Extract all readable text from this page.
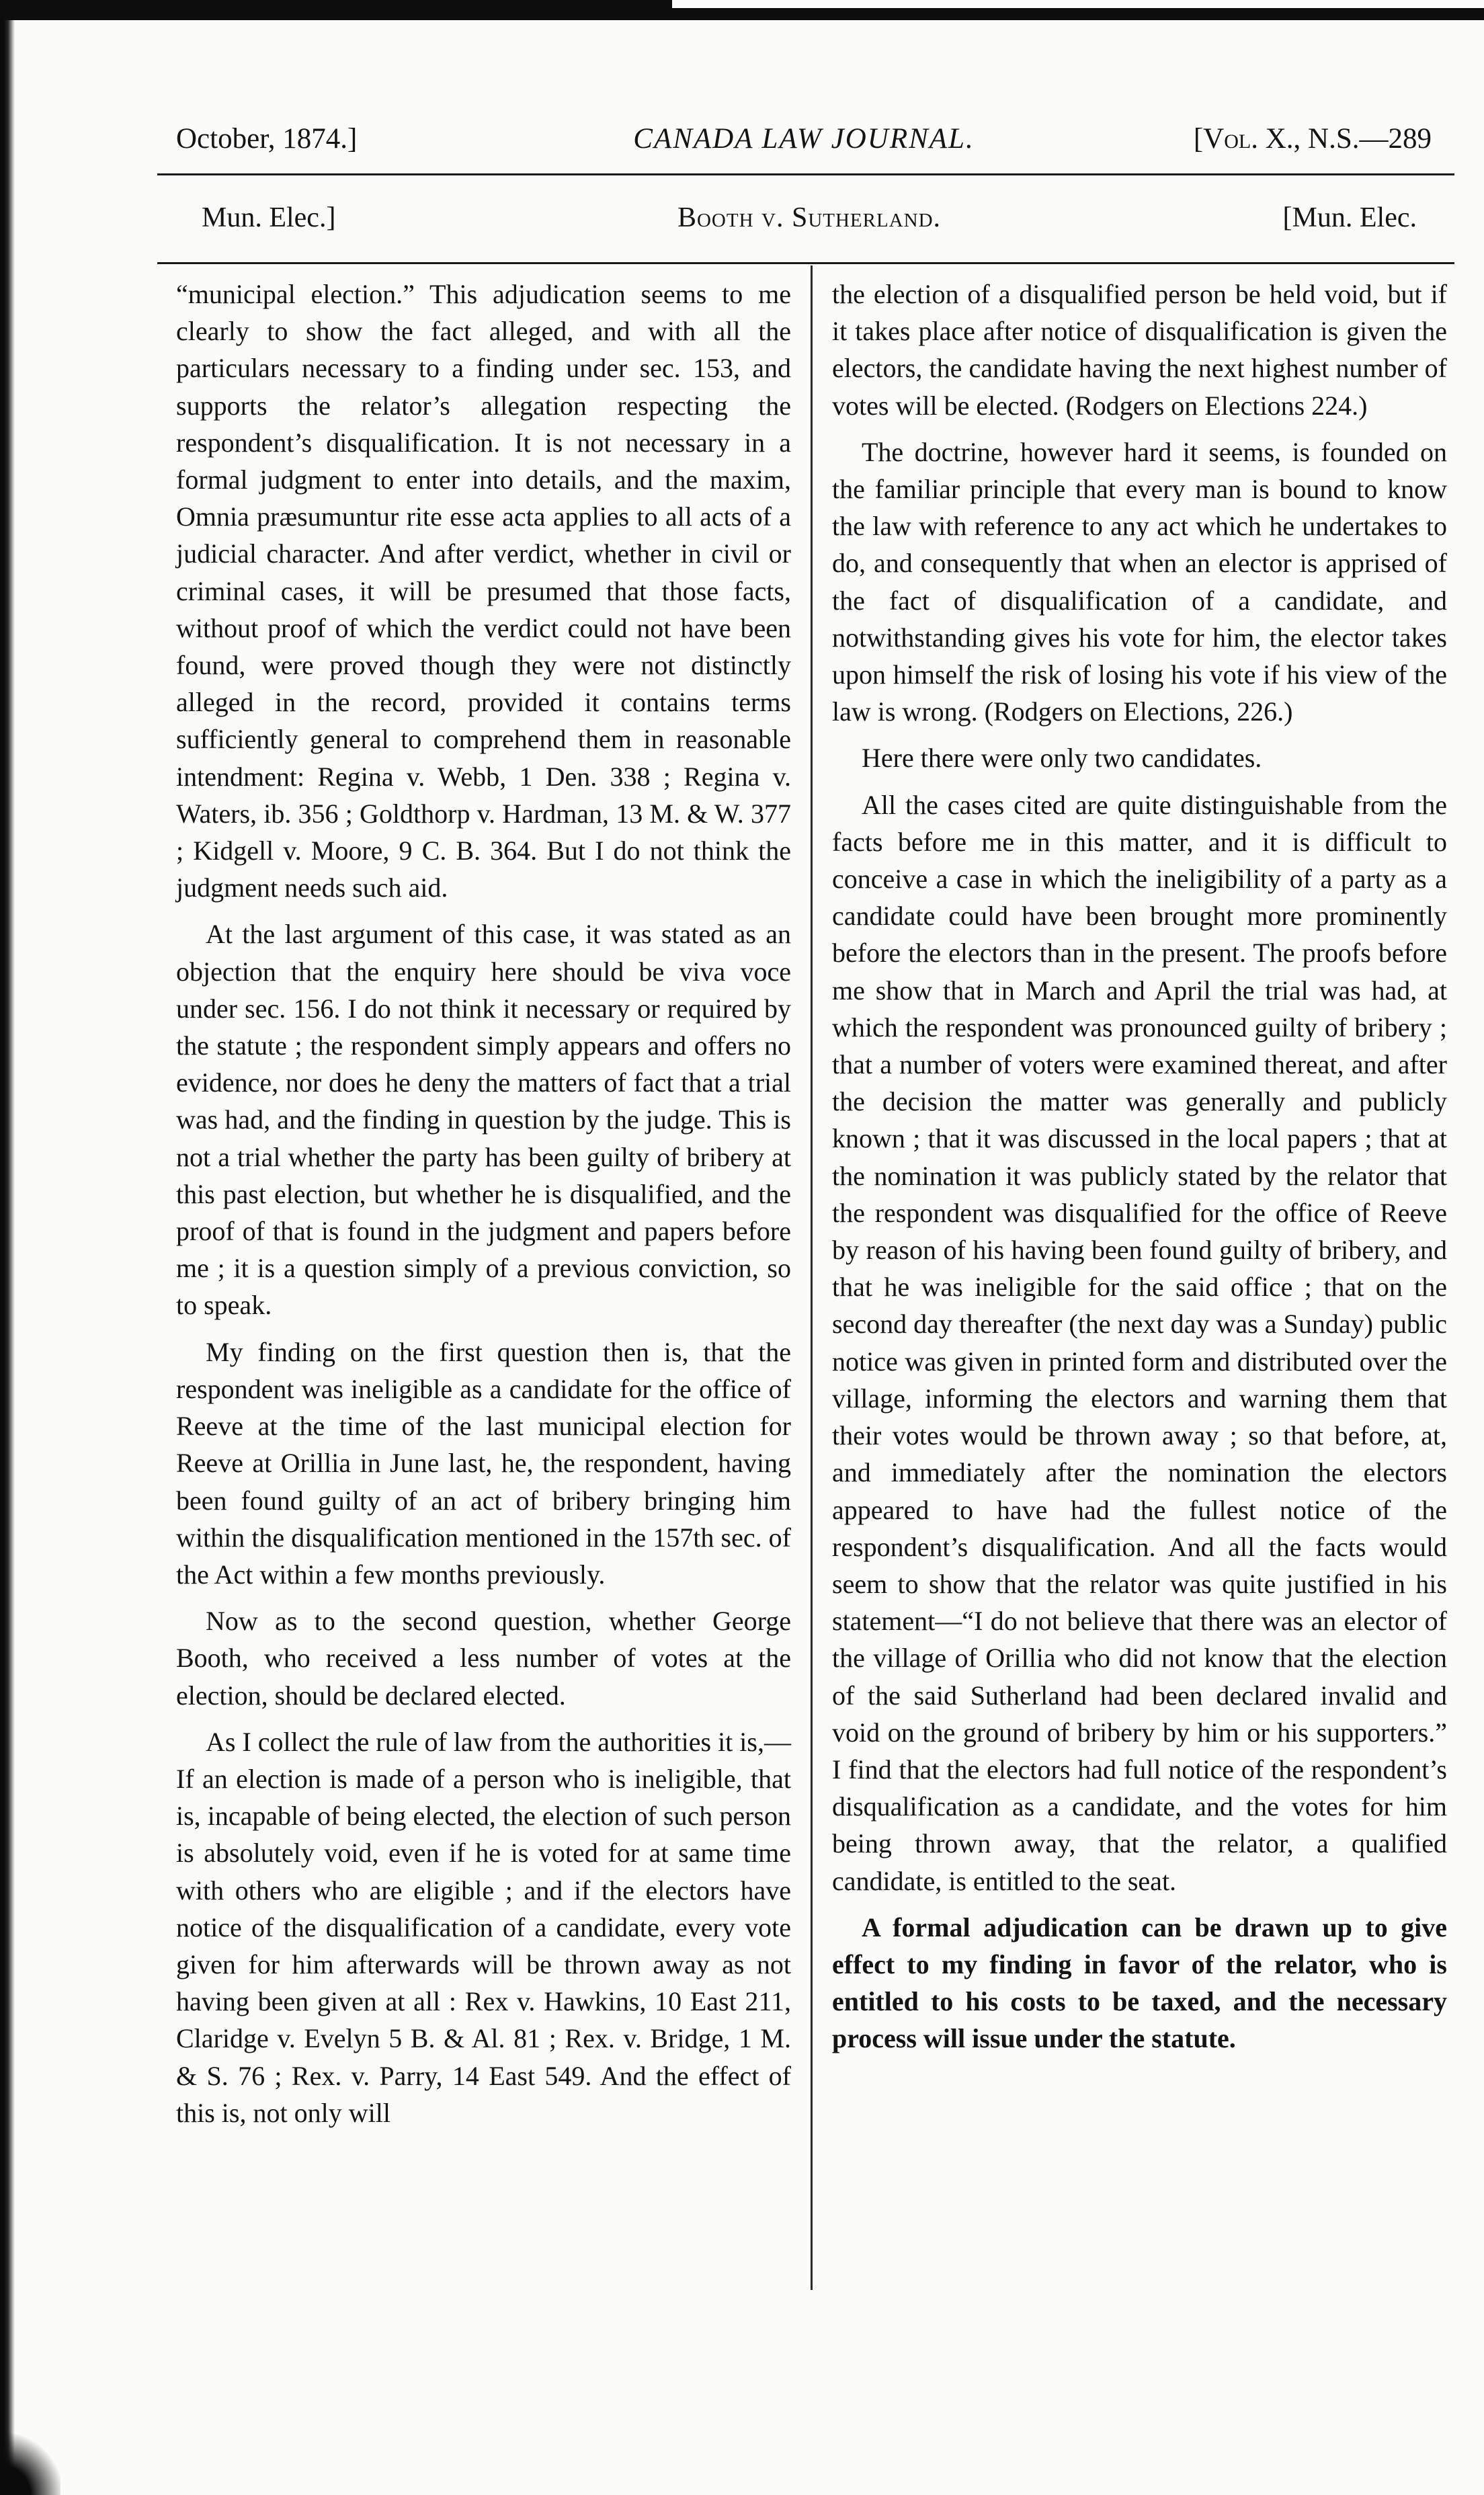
October, 1874.]	CANADA LAW JOURNAL.	[Vol. X., N.S.—289
Mun. Elec.]	Booth v. Sutherland.	[Mun. Elec.

“municipal election.” This adjudication seems to me clearly to show the fact alleged, and with all the particulars necessary to a finding under sec. 153, and supports the relator’s allegation respecting the respondent’s disqualification. It is not necessary in a formal judgment to enter into details, and the maxim, Omnia præsumuntur rite esse acta applies to all acts of a judicial character. And after verdict, whether in civil or criminal cases, it will be presumed that those facts, without proof of which the verdict could not have been found, were proved though they were not distinctly alleged in the record, provided it contains terms sufficiently general to comprehend them in reasonable intendment: Regina v. Webb, 1 Den. 338 ; Regina v. Waters, ib. 356 ; Goldthorp v. Hardman, 13 M. & W. 377 ; Kidgell v. Moore, 9 C. B. 364. But I do not think the judgment needs such aid.

At the last argument of this case, it was stated as an objection that the enquiry here should be viva voce under sec. 156. I do not think it necessary or required by the statute ; the respondent simply appears and offers no evidence, nor does he deny the matters of fact that a trial was had, and the finding in question by the judge. This is not a trial whether the party has been guilty of bribery at this past election, but whether he is disqualified, and the proof of that is found in the judgment and papers before me ; it is a question simply of a previous conviction, so to speak.

My finding on the first question then is, that the respondent was ineligible as a candidate for the office of Reeve at the time of the last municipal election for Reeve at Orillia in June last, he, the respondent, having been found guilty of an act of bribery bringing him within the disqualification mentioned in the 157th sec. of the Act within a few months previously.

Now as to the second question, whether George Booth, who received a less number of votes at the election, should be declared elected.

As I collect the rule of law from the authorities it is,—If an election is made of a person who is ineligible, that is, incapable of being elected, the election of such person is absolutely void, even if he is voted for at same time with others who are eligible ; and if the electors have notice of the disqualification of a candidate, every vote given for him afterwards will be thrown away as not having been given at all : Rex v. Hawkins, 10 East 211, Claridge v. Evelyn 5 B. & Al. 81 ; Rex. v. Bridge, 1 M. & S. 76 ; Rex. v. Parry, 14 East 549. And the effect of this is, not only will

the election of a disqualified person be held void, but if it takes place after notice of disqualification is given the electors, the candidate having the next highest number of votes will be elected. (Rodgers on Elections 224.)

The doctrine, however hard it seems, is founded on the familiar principle that every man is bound to know the law with reference to any act which he undertakes to do, and consequently that when an elector is apprised of the fact of disqualification of a candidate, and notwithstanding gives his vote for him, the elector takes upon himself the risk of losing his vote if his view of the law is wrong. (Rodgers on Elections, 226.)

Here there were only two candidates.

All the cases cited are quite distinguishable from the facts before me in this matter, and it is difficult to conceive a case in which the ineligibility of a party as a candidate could have been brought more prominently before the electors than in the present. The proofs before me show that in March and April the trial was had, at which the respondent was pronounced guilty of bribery ; that a number of voters were examined thereat, and after the decision the matter was generally and publicly known ; that it was discussed in the local papers ; that at the nomination it was publicly stated by the relator that the respondent was disqualified for the office of Reeve by reason of his having been found guilty of bribery, and that he was ineligible for the said office ; that on the second day thereafter (the next day was a Sunday) public notice was given in printed form and distributed over the village, informing the electors and warning them that their votes would be thrown away ; so that before, at, and immediately after the nomination the electors appeared to have had the fullest notice of the respondent’s disqualification. And all the facts would seem to show that the relator was quite justified in his statement—“I do not believe that there was an elector of the village of Orillia who did not know that the election of the said Sutherland had been declared invalid and void on the ground of bribery by him or his supporters.” I find that the electors had full notice of the respondent’s disqualification as a candidate, and the votes for him being thrown away, that the relator, a qualified candidate, is entitled to the seat.

A formal adjudication can be drawn up to give effect to my finding in favor of the relator, who is entitled to his costs to be taxed, and the necessary process will issue under the statute.
